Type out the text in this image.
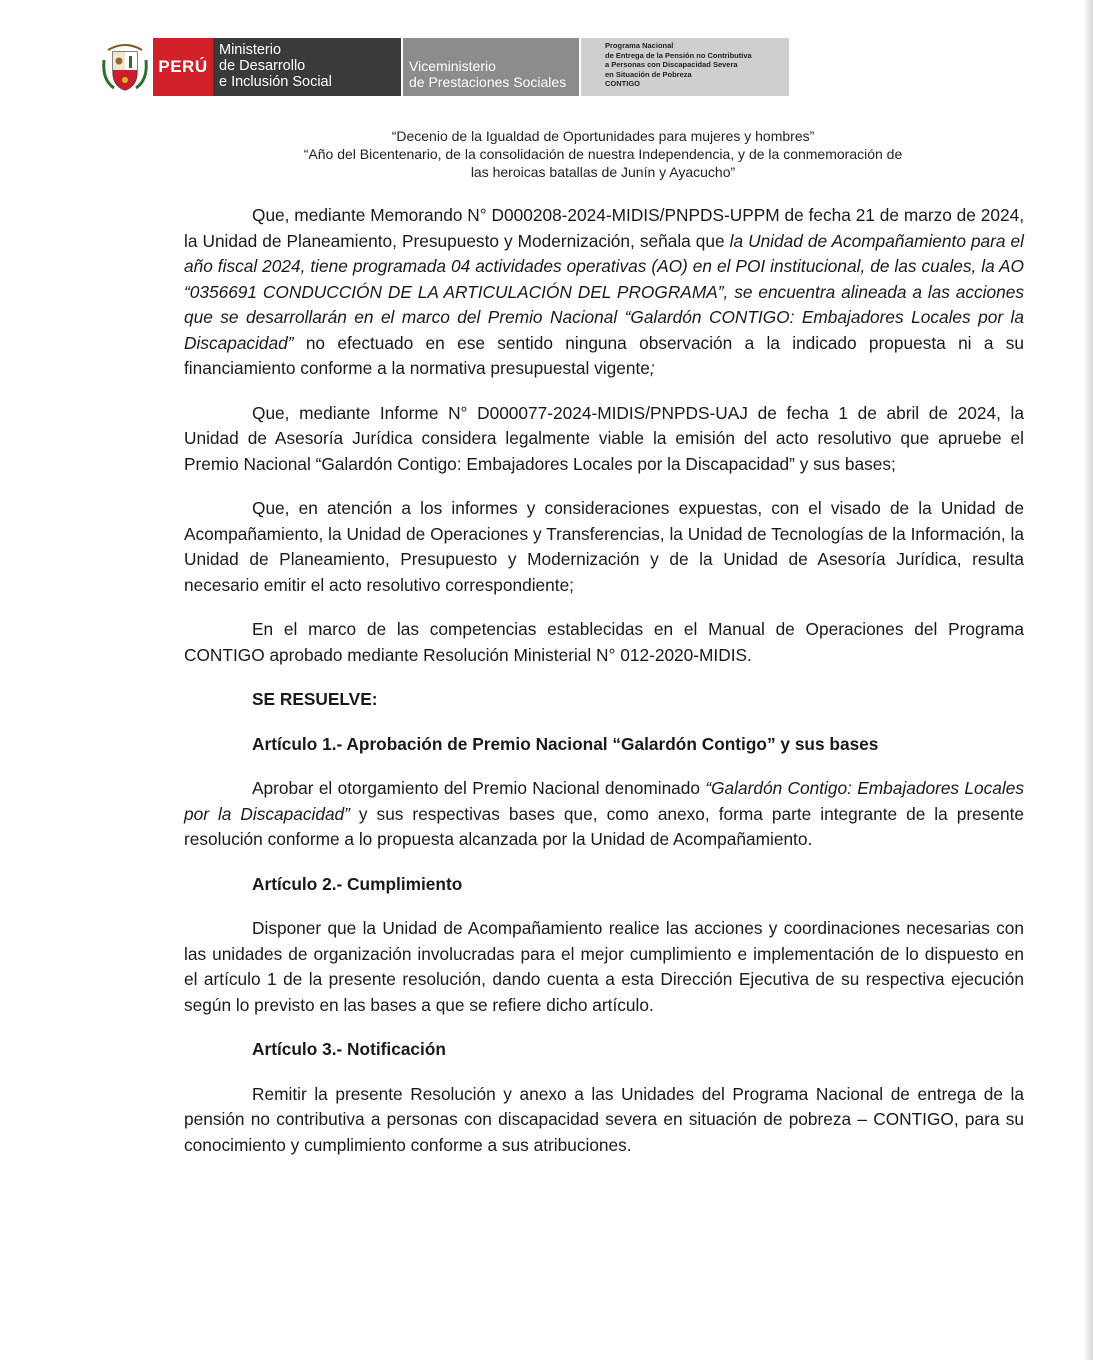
PERÚ
Ministerio
de Desarrollo
e Inclusión Social
Viceministerio
de Prestaciones Sociales
Programa Nacional
de Entrega de la Pensión no Contributiva
a Personas con Discapacidad Severa
en Situación de Pobreza
CONTIGO
“Decenio de la Igualdad de Oportunidades para mujeres y hombres”
“Año del Bicentenario, de la consolidación de nuestra Independencia, y de la conmemoración de
las heroicas batallas de Junín y Ayacucho”

Que, mediante Memorando N° D000208-2024-MIDIS/PNPDS-UPPM de fecha 21 de marzo de 2024, la Unidad de Planeamiento, Presupuesto y Modernización, señala que la Unidad de Acompañamiento para el año fiscal 2024, tiene programada 04 actividades operativas (AO) en el POI institucional, de las cuales, la AO “0356691 CONDUCCIÓN DE LA ARTICULACIÓN DEL PROGRAMA”, se encuentra alineada a las acciones que se desarrollarán en el marco del Premio Nacional “Galardón CONTIGO: Embajadores Locales por la Discapacidad” no efectuado en ese sentido ninguna observación a la indicado propuesta ni a su financiamiento conforme a la normativa presupuestal vigente;

Que, mediante Informe N° D000077-2024-MIDIS/PNPDS-UAJ de fecha 1 de abril de 2024, la Unidad de Asesoría Jurídica considera legalmente viable la emisión del acto resolutivo que apruebe el Premio Nacional “Galardón Contigo: Embajadores Locales por la Discapacidad” y sus bases;

Que, en atención a los informes y consideraciones expuestas, con el visado de la Unidad de Acompañamiento, la Unidad de Operaciones y Transferencias, la Unidad de Tecnologías de la Información, la Unidad de Planeamiento, Presupuesto y Modernización y de la Unidad de Asesoría Jurídica, resulta necesario emitir el acto resolutivo correspondiente;

En el marco de las competencias establecidas en el Manual de Operaciones del Programa CONTIGO aprobado mediante Resolución Ministerial N° 012-2020-MIDIS.

SE RESUELVE:
Artículo 1.- Aprobación de Premio Nacional “Galardón Contigo” y sus bases

Aprobar el otorgamiento del Premio Nacional denominado “Galardón Contigo: Embajadores Locales por la Discapacidad” y sus respectivas bases que, como anexo, forma parte integrante de la presente resolución conforme a lo propuesta alcanzada por la Unidad de Acompañamiento.

Artículo 2.- Cumplimiento

Disponer que la Unidad de Acompañamiento realice las acciones y coordinaciones necesarias con las unidades de organización involucradas para el mejor cumplimiento e implementación de lo dispuesto en el artículo 1 de la presente resolución, dando cuenta a esta Dirección Ejecutiva de su respectiva ejecución según lo previsto en las bases a que se refiere dicho artículo.

Artículo 3.- Notificación

Remitir la presente Resolución y anexo a las Unidades del Programa Nacional de entrega de la pensión no contributiva a personas con discapacidad severa en situación de pobreza – CONTIGO, para su conocimiento y cumplimiento conforme a sus atribuciones.
